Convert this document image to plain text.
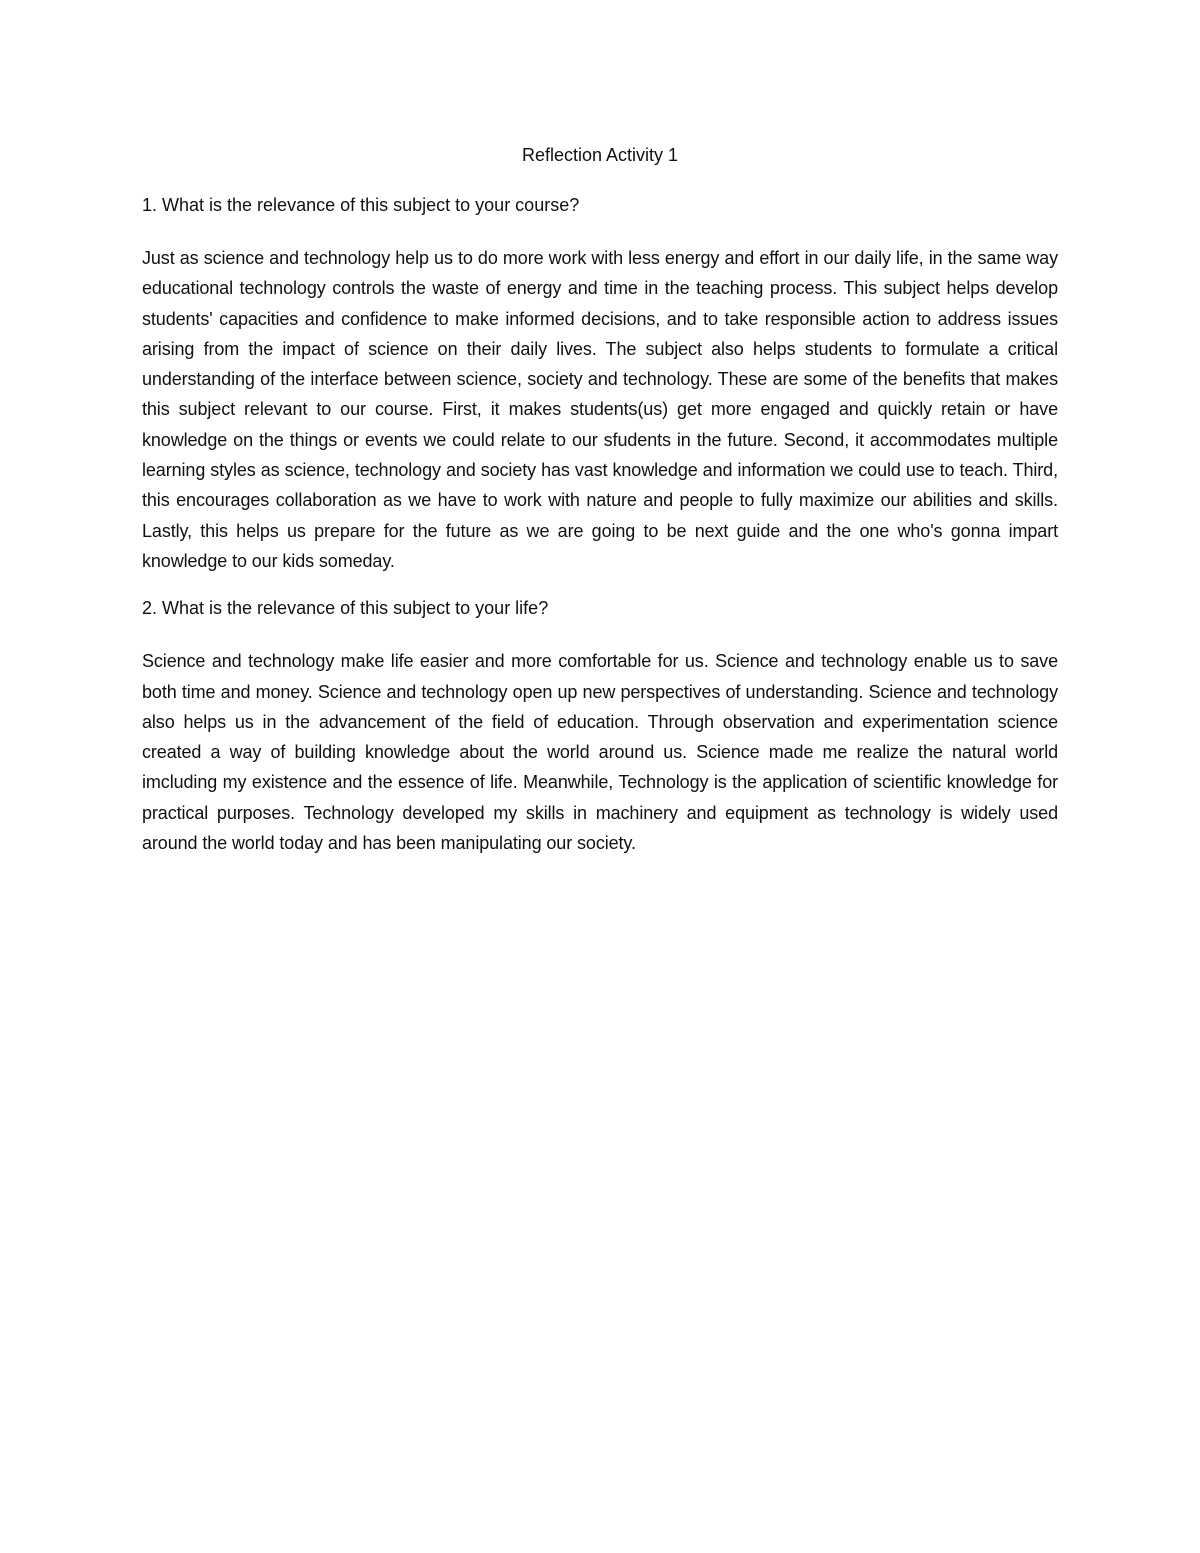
Reflection Activity 1

1. What is the relevance of this subject to your course?

Just as science and technology help us to do more work with less energy and effort in our daily life, in the same way educational technology controls the waste of energy and time in the teaching process. This subject helps develop students' capacities and confidence to make informed decisions, and to take responsible action to address issues arising from the impact of science on their daily lives. The subject also helps students to formulate a critical understanding of the interface between science, society and technology. These are some of the benefits that makes this subject relevant to our course. First, it makes students(us) get more engaged and quickly retain or have knowledge on the things or events we could relate to our sfudents in the future. Second, it accommodates multiple learning styles as science, technology and society has vast knowledge and information we could use to teach. Third, this encourages collaboration as we have to work with nature and people to fully maximize our abilities and skills. Lastly, this helps us prepare for the future as we are going to be next guide and the one who's gonna impart knowledge to our kids someday.

2. What is the relevance of this subject to your life?

Science and technology make life easier and more comfortable for us. Science and technology enable us to save both time and money. Science and technology open up new perspectives of understanding. Science and technology also helps us in the advancement of the field of education. Through observation and experimentation science created a way of building knowledge about the world around us. Science made me realize the natural world imcluding my existence and the essence of life. Meanwhile, Technology is the application of scientific knowledge for practical purposes. Technology developed my skills in machinery and equipment as technology is widely used around the world today and has been manipulating our society.
